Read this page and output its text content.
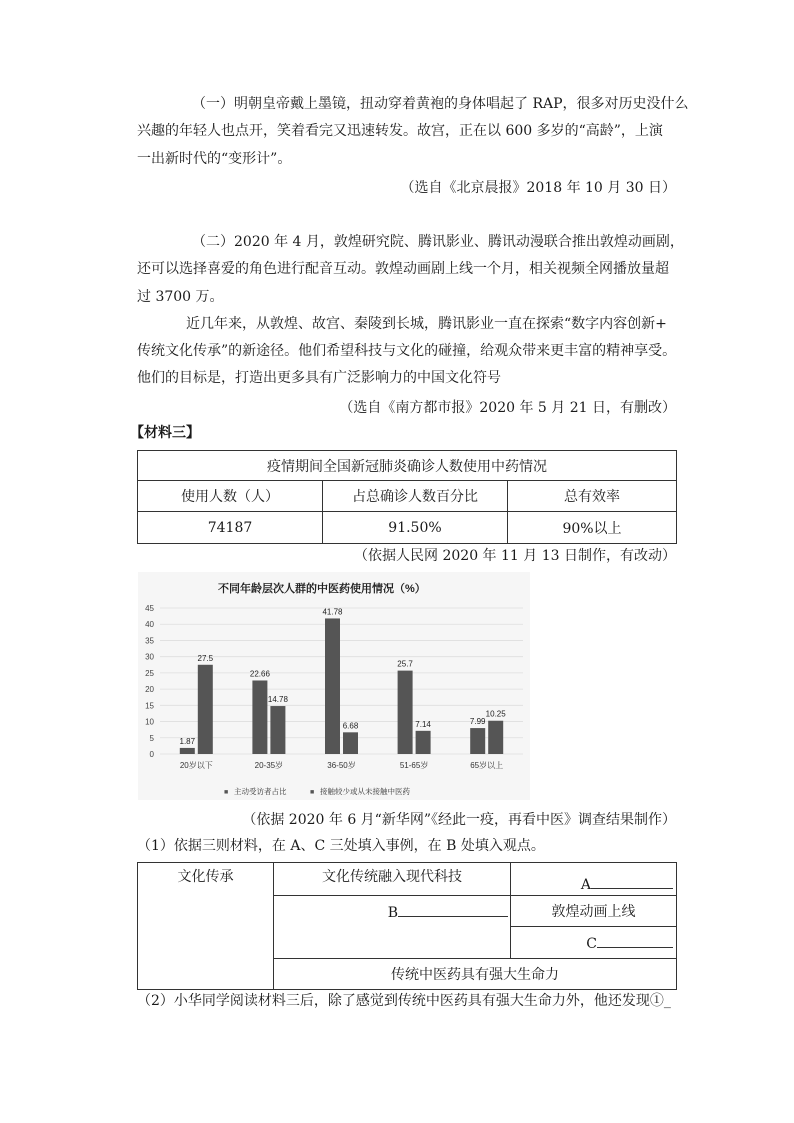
（一）明朝皇帝戴上墨镜，扭动穿着黄袍的身体唱起了 RAP，很多对历史没什么
兴趣的年轻人也点开，笑着看完又迅速转发。故宫，正在以 600 多岁的“高龄”，上演
一出新时代的“变形计”。
（选自《北京晨报》2018 年 10 月 30 日）
（二）2020 年 4 月，敦煌研究院、腾讯影业、腾讯动漫联合推出敦煌动画剧，
还可以选择喜爱的角色进行配音互动。敦煌动画剧上线一个月，相关视频全网播放量超
过 3700 万。
近几年来，从敦煌、故宫、秦陵到长城，腾讯影业一直在探索“数字内容创新+
传统文化传承”的新途径。他们希望科技与文化的碰撞，给观众带来更丰富的精神享受。
他们的目标是，打造出更多具有广泛影响力的中国文化符号
（选自《南方都市报》2020 年 5 月 21 日，有删改）
【材料三】
疫情期间全国新冠肺炎确诊人数使用中药情况		
使用人数（人）	占总确诊人数百分比	总有效率
74187	91.50%	90%以上
（依据人民网 2020 年 11 月 13 日制作，有改动）
不同年龄层次人群的中医药使用情况（%）
45
40
35
30
25
20
15
10
5
0
1.87
27.5
22.66
14.78
41.78
6.68
25.7
7.14	7.99
10.25
20岁以下	20-35岁	36-50岁	51-65岁	65岁以上
■ 主动受访者占比	■ 接触较少或从未接触中医药
（依据 2020 年 6 月“新华网”《经此一疫，再看中医》调查结果制作）
（1）依据三则材料，在 A、C 三处填入事例，在 B 处填入观点。
文化传承	文化传统融入现代科技	A
	B	敦煌动画上线
		C
	传统中医药具有强大生命力	
（2）小华同学阅读材料三后，除了感觉到传统中医药具有强大生命力外，他还发现①_
